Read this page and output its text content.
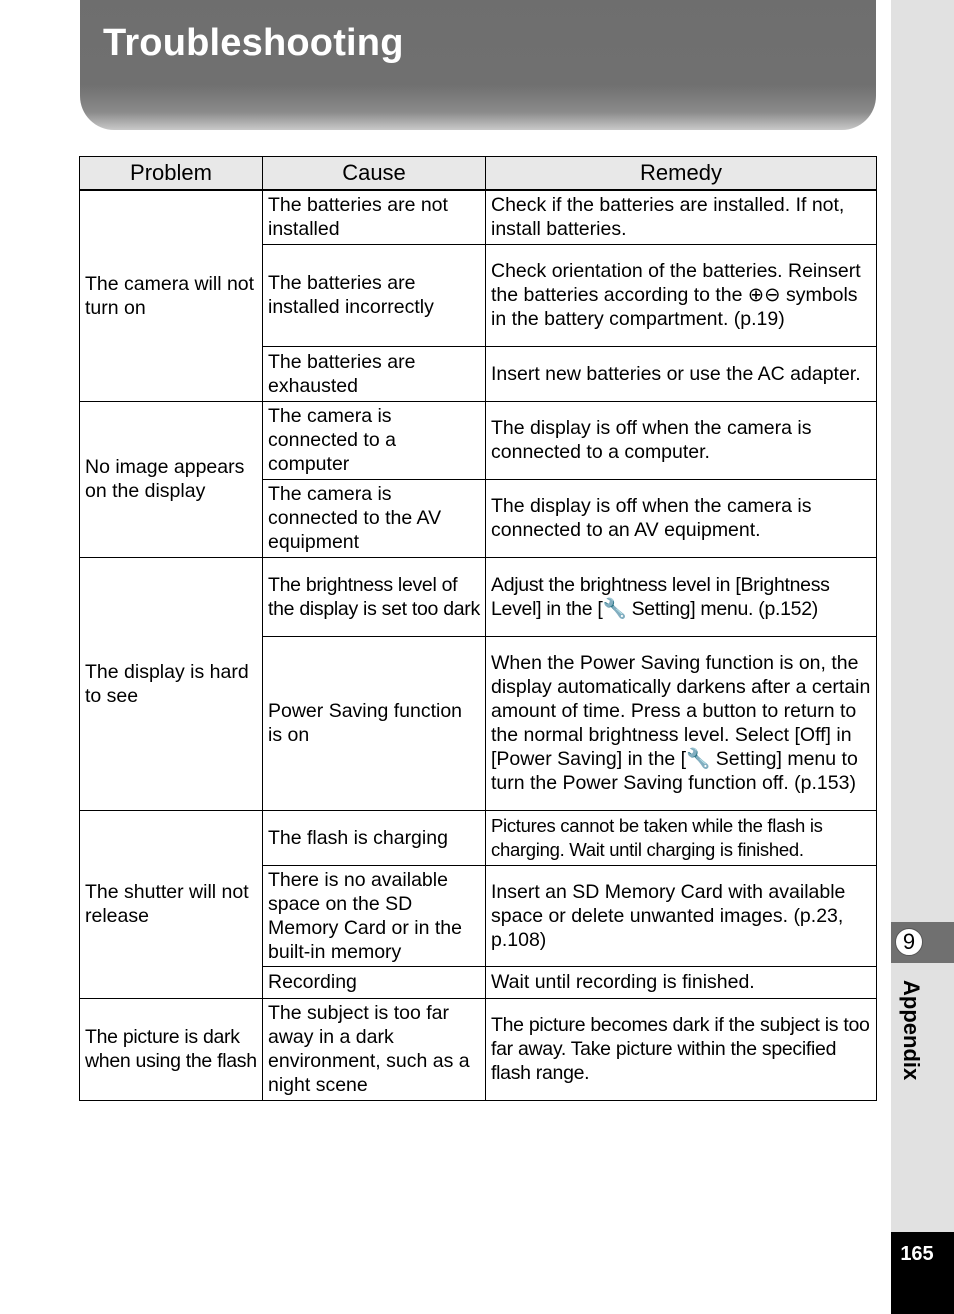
Troubleshooting
9
Appendix
165
Problem	Cause	Remedy
The camera will not turn on	The batteries are not installed	Check if the batteries are installed. If not, install batteries.
	The batteries are installed incorrectly	Check orientation of the batteries. Reinsert the batteries according to the ⊕⊖ symbols in the battery compartment. (p.19)
	The batteries are exhausted	Insert new batteries or use the AC adapter.
No image appears on the display	The camera is connected to a computer	The display is off when the camera is connected to a computer.
	The camera is connected to the AV equipment	The display is off when the camera is connected to an AV equipment.
The display is hard to see	The brightness level of the display is set too dark	Adjust the brightness level in [Brightness Level] in the [🔧 Setting] menu. (p.152)
	Power Saving function is on	When the Power Saving function is on, the display automatically darkens after a certain amount of time. Press a button to return to the normal brightness level. Select [Off] in [Power Saving] in the [🔧 Setting] menu to turn the Power Saving function off. (p.153)
The shutter will not release	The flash is charging	Pictures cannot be taken while the flash is charging. Wait until charging is finished.
	There is no available space on the SD Memory Card or in the built-in memory	Insert an SD Memory Card with available space or delete unwanted images. (p.23, p.108)
	Recording	Wait until recording is finished.
The picture is dark when using the flash	The subject is too far away in a dark environment, such as a night scene	The picture becomes dark if the subject is too far away. Take picture within the specified flash range.
